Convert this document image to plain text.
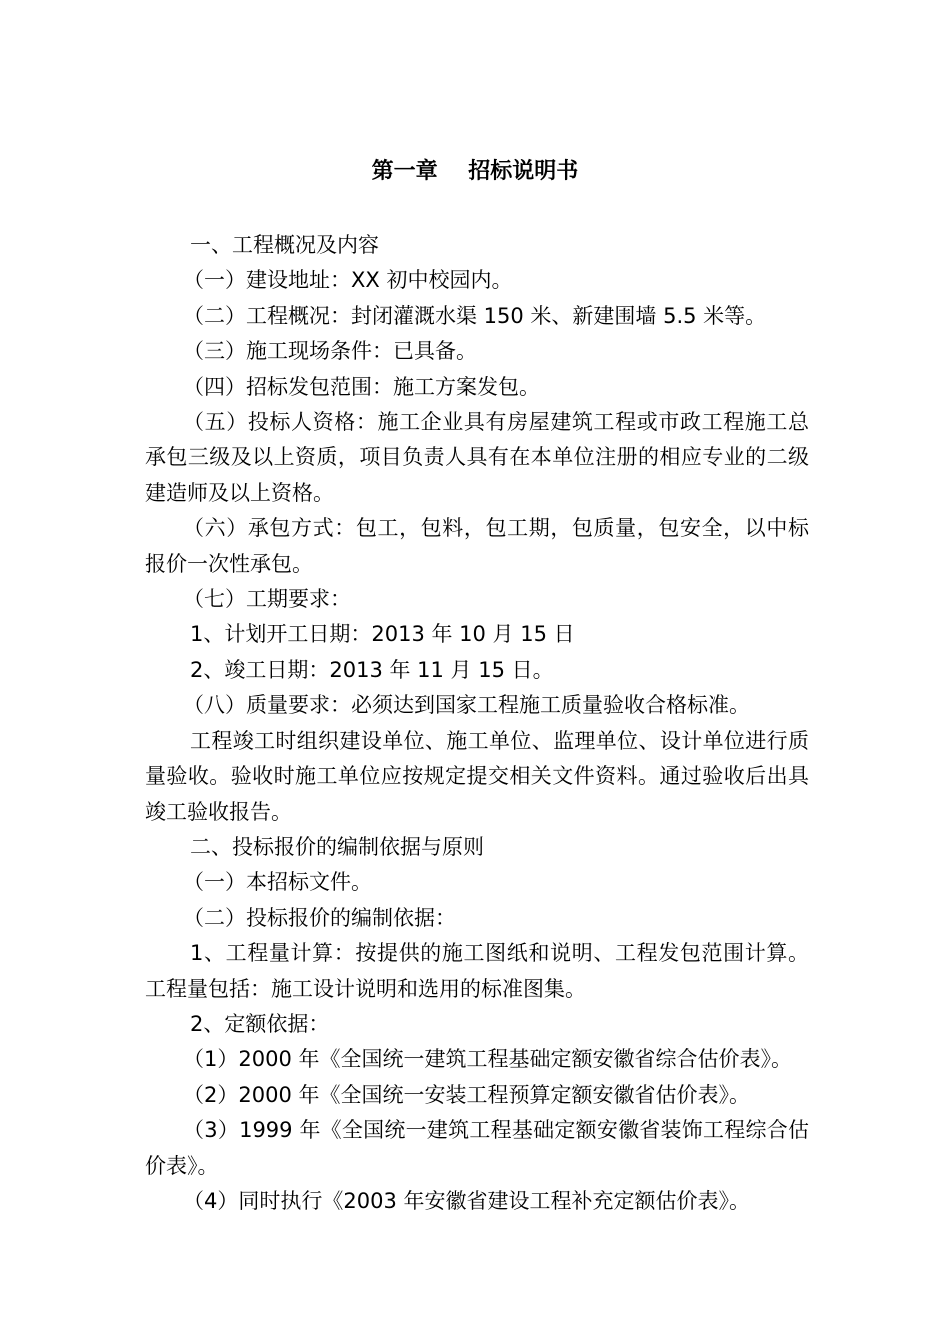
第一章    招标说明书

一、工程概况及内容

（一）建设地址：XX 初中校园内。

（二）工程概况：封闭灌溉水渠 150 米、新建围墙 5.5 米等。

（三）施工现场条件：已具备。

（四）招标发包范围：施工方案发包。

（五）投标人资格：施工企业具有房屋建筑工程或市政工程施工总承包三级及以上资质，项目负责人具有在本单位注册的相应专业的二级建造师及以上资格。

（六）承包方式：包工，包料，包工期，包质量，包安全，以中标报价一次性承包。

（七）工期要求：

1、计划开工日期：2013 年 10 月 15 日

2、竣工日期：2013 年 11 月 15 日。

（八）质量要求：必须达到国家工程施工质量验收合格标准。

工程竣工时组织建设单位、施工单位、监理单位、设计单位进行质量验收。验收时施工单位应按规定提交相关文件资料。通过验收后出具竣工验收报告。

二、投标报价的编制依据与原则

（一）本招标文件。

（二）投标报价的编制依据：

1、工程量计算：按提供的施工图纸和说明、工程发包范围计算。工程量包括：施工设计说明和选用的标准图集。

2、定额依据：

（1）2000 年《全国统一建筑工程基础定额安徽省综合估价表》。

（2）2000 年《全国统一安装工程预算定额安徽省估价表》。

（3）1999 年《全国统一建筑工程基础定额安徽省装饰工程综合估价表》。

（4）同时执行《2003 年安徽省建设工程补充定额估价表》。
